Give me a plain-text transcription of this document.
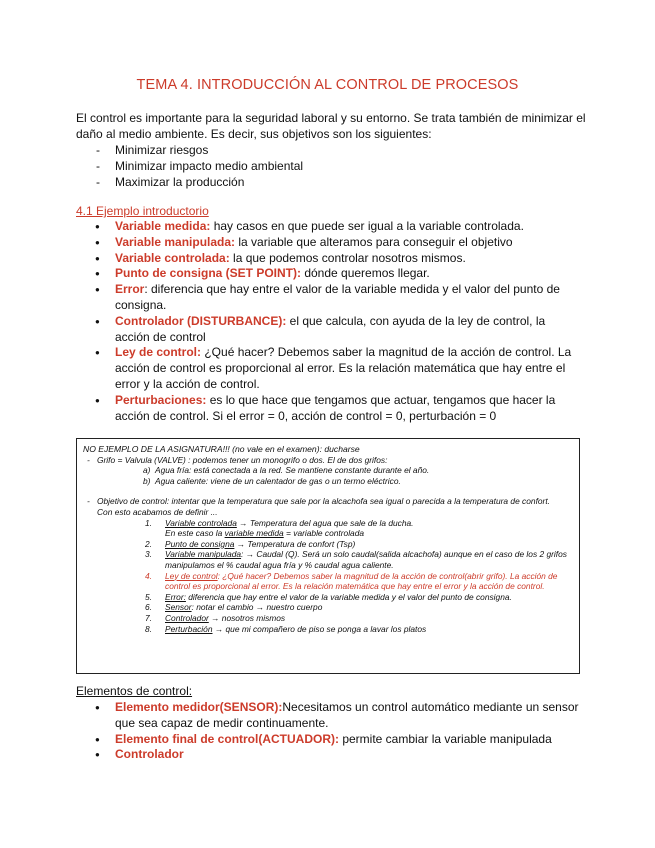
TEMA 4. INTRODUCCIÓN AL CONTROL DE PROCESOS
El control es importante para la seguridad laboral y su entorno. Se trata también de minimizar el daño al medio ambiente. Es decir, sus objetivos son los siguientes:
- Minimizar riesgos
- Minimizar impacto medio ambiental
- Maximizar la producción
4.1 Ejemplo introductorio
● Variable medida: hay casos en que puede ser igual a la variable controlada.
● Variable manipulada: la variable que alteramos para conseguir el objetivo
● Variable controlada: la que podemos controlar nosotros mismos.
● Punto de consigna (SET POINT): dónde queremos llegar.
● Error: diferencia que hay entre el valor de la variable medida y el valor del punto de consigna.
● Controlador (DISTURBANCE): el que calcula, con ayuda de la ley de control, la acción de control
● Ley de control: ¿Qué hacer? Debemos saber la magnitud de la acción de control. La acción de control es proporcional al error. Es la relación matemática que hay entre el error y la acción de control.
● Perturbaciones: es lo que hace que tengamos que actuar, tengamos que hacer la acción de control. Si el error = 0, acción de control = 0, perturbación = 0
NO EJEMPLO DE LA ASIGNATURA!!! (no vale en el examen): ducharse
- Grifo = Valvula (VALVE) : podemos tener un monogrifo o dos. El de dos grifos:
a) Agua fría: está conectada a la red. Se mantiene constante durante el año.
b) Agua caliente: viene de un calentador de gas o un termo eléctrico.
- Objetivo de control: intentar que la temperatura que sale por la alcachofa sea igual o parecida a la temperatura de confort. Con esto acabamos de definir ...
1. Variable controlada → Temperatura del agua que sale de la ducha.
En este caso la variable medida = variable controlada
2. Punto de consigna → Temperatura de confort (Tsp)
3. Variable manipulada: → Caudal (Q). Será un solo caudal(salida alcachofa) aunque en el caso de los 2 grifos manipulamos el % caudal agua fría y % caudal agua caliente.
4. Ley de control: ¿Qué hacer? Debemos saber la magnitud de la acción de control(abrir grifo). La acción de control es proporcional al error. Es la relación matemática que hay entre el error y la acción de control.
5. Error: diferencia que hay entre el valor de la variable medida y el valor del punto de consigna.
6. Sensor: notar el cambio → nuestro cuerpo
7. Controlador → nosotros mismos
8. Perturbación → que mi compañero de piso se ponga a lavar los platos
Elementos de control:
● Elemento medidor(SENSOR):Necesitamos un control automático mediante un sensor que sea capaz de medir continuamente.
● Elemento final de control(ACTUADOR): permite cambiar la variable manipulada
● Controlador
